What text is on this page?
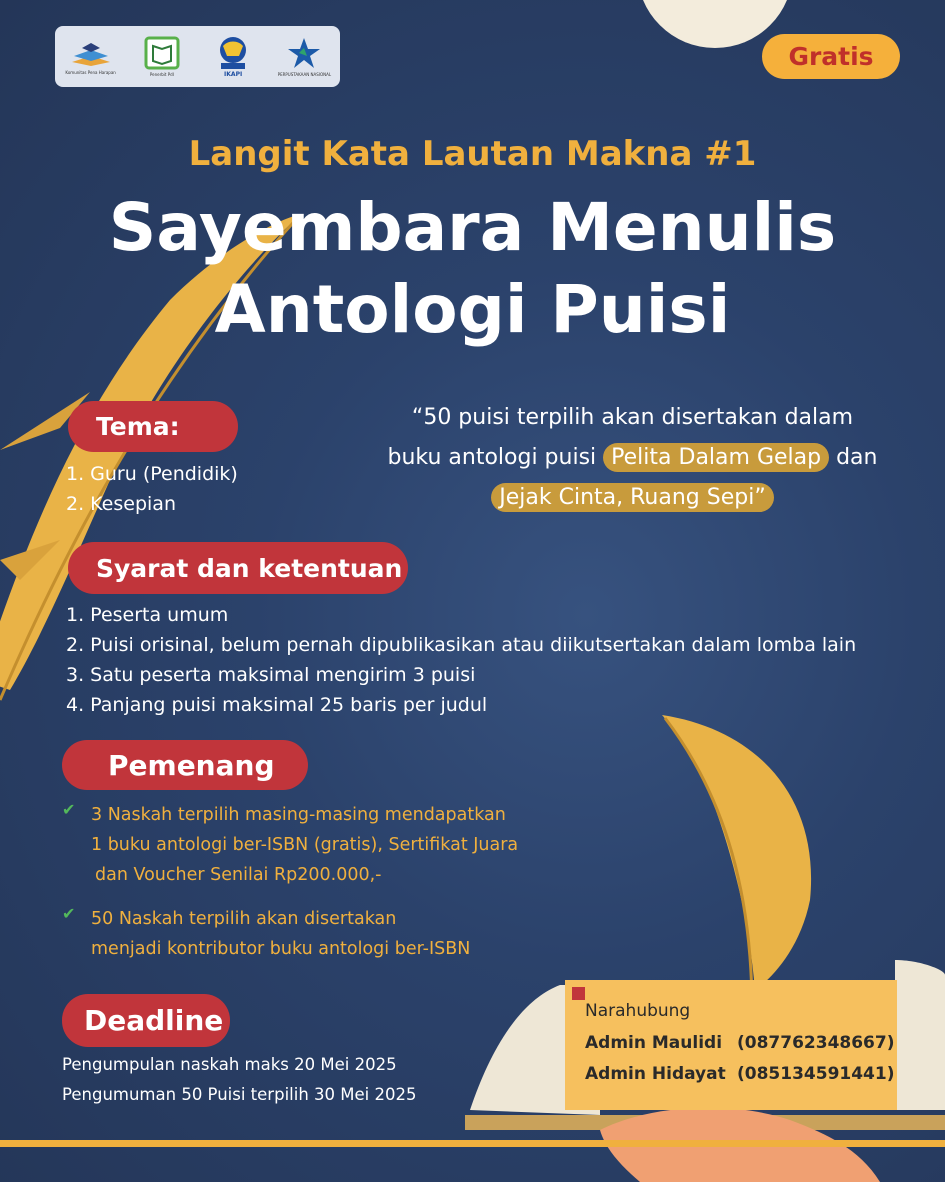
Komunitas Pena Harapan	Penerbit PdI	IKAPI	PERPUSTAKAAN NASIONAL
Gratis
Langit Kata Lautan Makna #1
Sayembara Menulis
Antologi Puisi
Tema:
1. Guru (Pendidik)
2. Kesepian
“50 puisi terpilih akan disertakan dalam
buku antologi puisi Pelita Dalam Gelap dan
Jejak Cinta, Ruang Sepi”
Syarat dan ketentuan
1. Peserta umum
2. Puisi orisinal, belum pernah dipublikasikan atau diikutsertakan dalam lomba lain
3. Satu peserta maksimal mengirim 3 puisi
4. Panjang puisi maksimal 25 baris per judul
Pemenang
✔ 3 Naskah terpilih masing-masing mendapatkan
1 buku antologi ber-ISBN (gratis), Sertifikat Juara
dan Voucher Senilai Rp200.000,-
✔ 50 Naskah terpilih akan disertakan
menjadi kontributor buku antologi ber-ISBN
Deadline
Pengumpulan naskah maks 20 Mei 2025
Pengumuman 50 Puisi terpilih 30 Mei 2025
Narahubung
Admin Maulidi (087762348667)
Admin Hidayat (085134591441)
